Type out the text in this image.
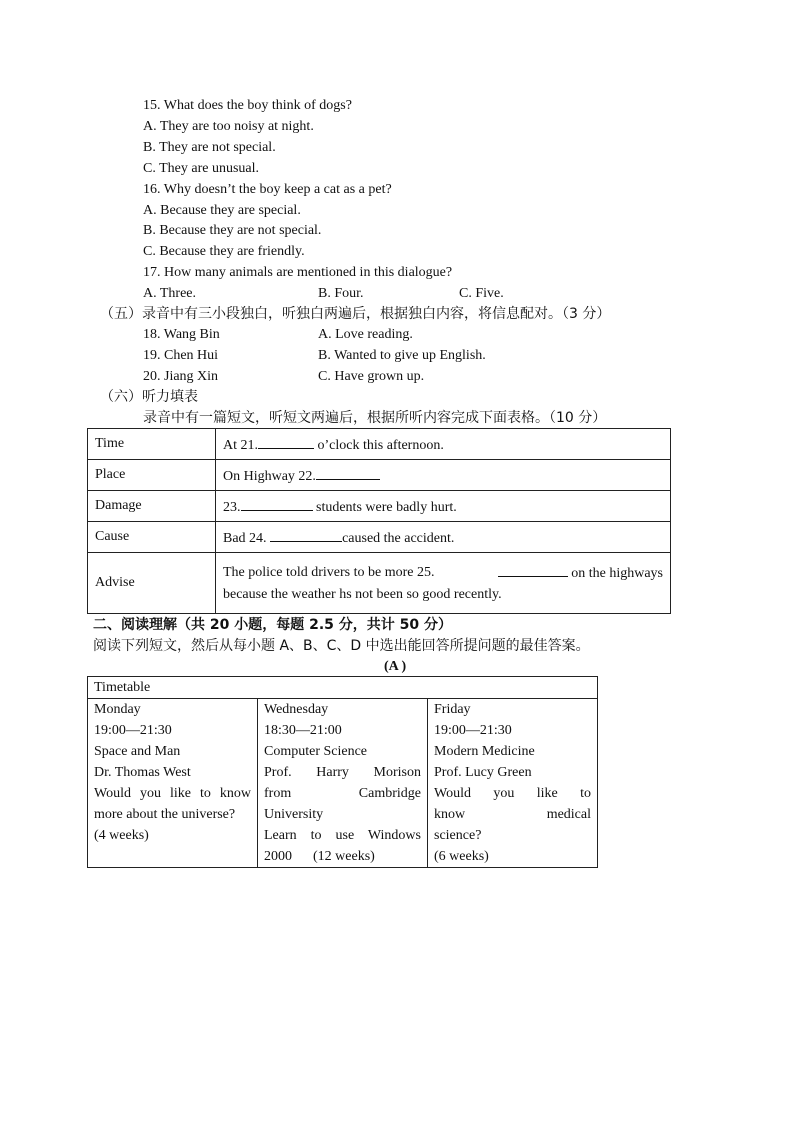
15. What does the boy think of dogs?
A. They are too noisy at night.
B. They are not special.
C. They are unusual.
16. Why doesn’t the boy keep a cat as a pet?
A. Because they are special.
B. Because they are not special.
C. Because they are friendly.
17. How many animals are mentioned in this dialogue?
A. Three.	B. Four.	C. Five.
（五）录音中有三小段独白，听独白两遍后，根据独白内容，将信息配对。（3 分）
18. Wang Bin	A. Love reading.
19. Chen Hui	B. Wanted to give up English.
20. Jiang Xin	C. Have grown up.
（六）听力填表
录音中有一篇短文，听短文两遍后，根据所听内容完成下面表格。（10 分）
Time	At 21. o’clock this afternoon.
Place	On Highway 22.
Damage	23. students were badly hurt.
Cause	Bad 24. caused the accident.
Advise	The police told drivers to be more 25. on the highways
because the weather hs not been so good recently.
二、阅读理解（共 20 小题，每题 2.5 分，共计 50 分）
阅读下列短文，然后从每小题 A、B、C、D 中选出能回答所提问题的最佳答案。
(A )
Timetable

Monday
19:00—21:30
Space and Man
Dr. Thomas West
Would you like to know
more about the universe?
(4 weeks)

Wednesday
18:30—21:00
Computer Science
Prof. Harry Morison
from Cambridge
University
Learn to use Windows
2000      (12 weeks)

Friday
19:00—21:30
Modern Medicine
Prof. Lucy Green
Would you like to
know medical
science?
(6 weeks)
